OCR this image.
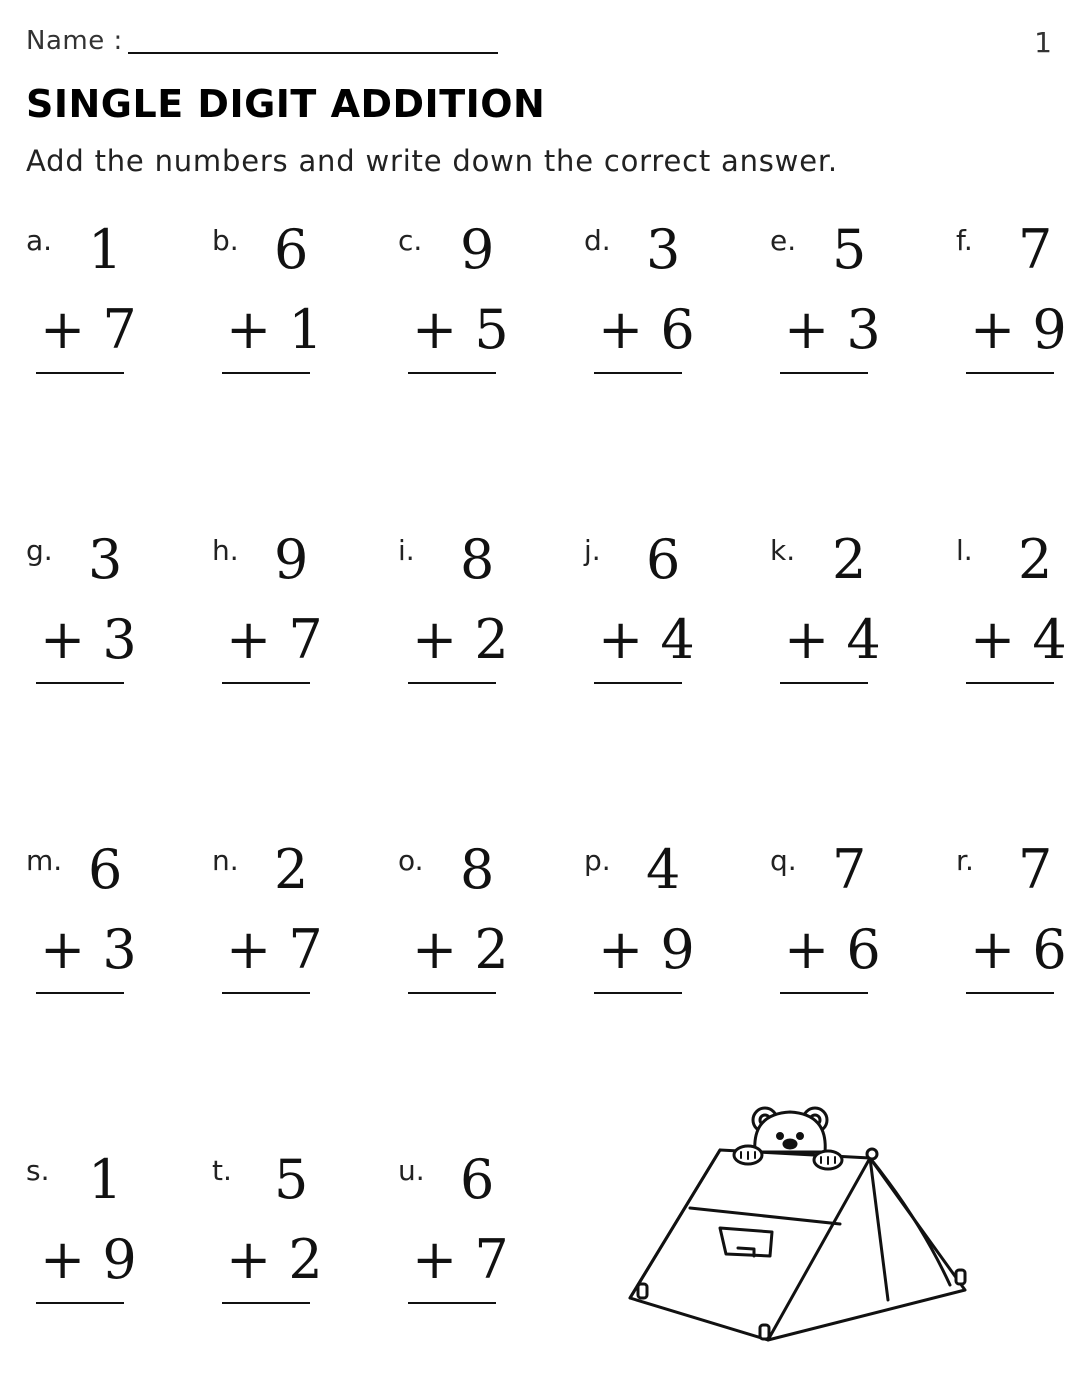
Name :	1
SINGLE DIGIT ADDITION
Add the numbers and write down the correct answer.
a. 1
+ 7
b. 6
+ 1
c. 9
+ 5
d. 3
+ 6
e. 5
+ 3
f. 7
+ 9
g. 3
+ 3
h. 9
+ 7
i. 8
+ 2
j. 6
+ 4
k. 2
+ 4
l. 2
+ 4
m. 6
+ 3
n. 2
+ 7
o. 8
+ 2
p. 4
+ 9
q. 7
+ 6
r. 7
+ 6
s. 1
+ 9
t. 5
+ 2
u. 6
+ 7
